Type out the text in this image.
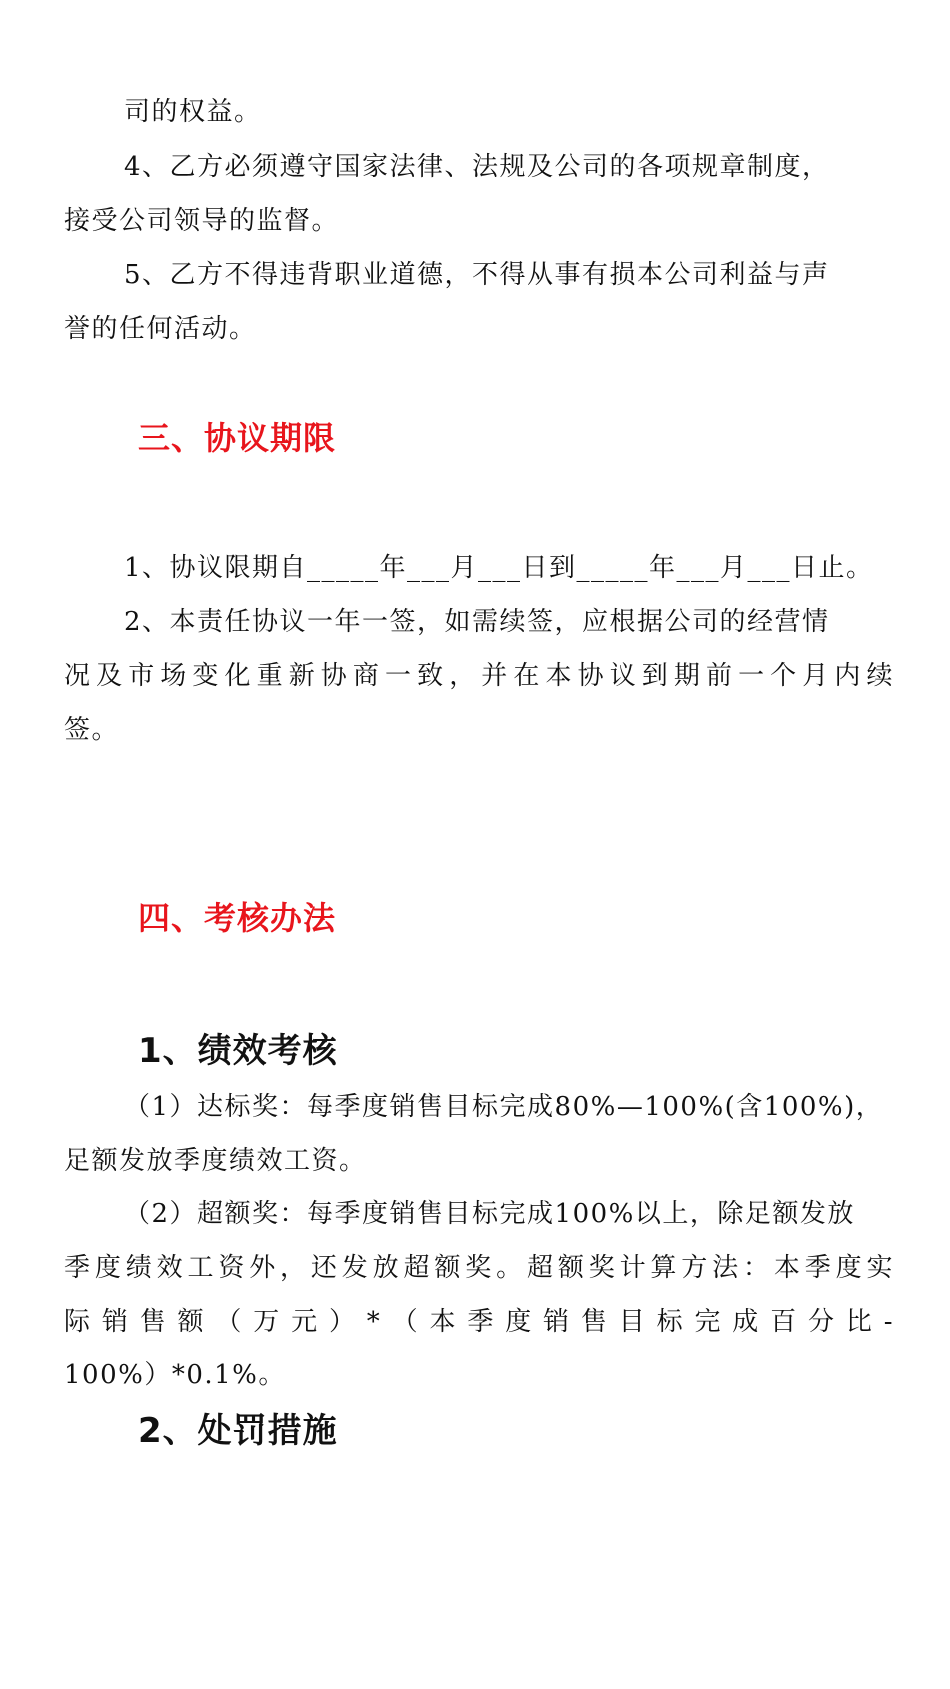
司的权益。
4、乙方必须遵守国家法律、法规及公司的各项规章制度，
接受公司领导的监督。
5、乙方不得违背职业道德，不得从事有损本公司利益与声
誉的任何活动。
三、协议期限
1、协议限期自_____年___月___日到_____年___月___日止。
2、本责任协议一年一签，如需续签，应根据公司的经营情
况及市场变化重新协商一致，并在本协议到期前一个月内续
签。
四、考核办法
1、绩效考核
（1）达标奖：每季度销售目标完成80%—100%(含100%)，
足额发放季度绩效工资。
（2）超额奖：每季度销售目标完成100%以上，除足额发放
季度绩效工资外，还发放超额奖。超额奖计算方法：本季度实
际销售额（万元）*（本季度销售目标完成百分比-
100%）*0.1%。
2、处罚措施
